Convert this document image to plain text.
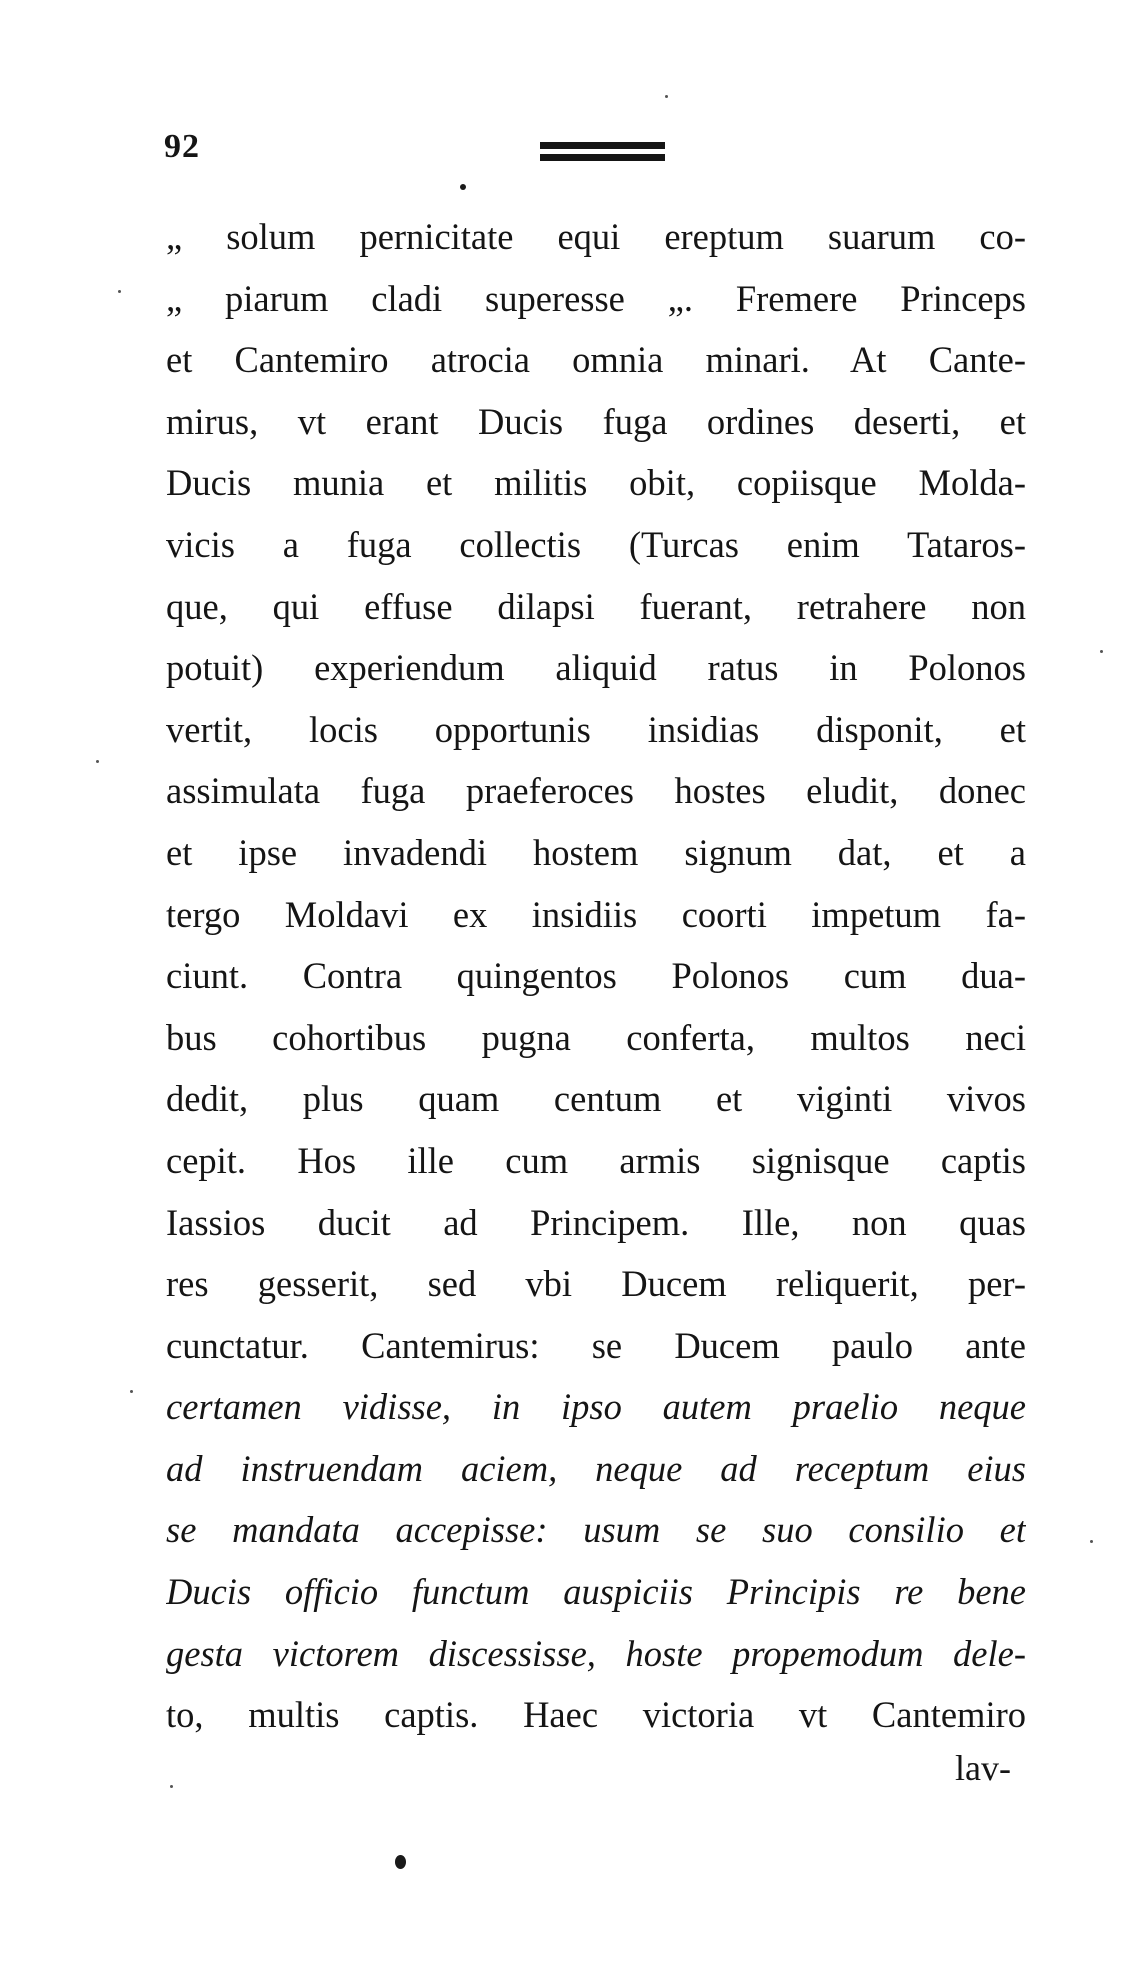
92
„ solum pernicitate equi ereptum suarum co-
„ piarum cladi superesse „. Fremere Princeps
et Cantemiro atrocia omnia minari. At Cante-
mirus, vt erant Ducis fuga ordines deserti, et
Ducis munia et militis obit, copiisque Molda-
vicis a fuga collectis (Turcas enim Tataros-
que, qui effuse dilapsi fuerant, retrahere non
potuit) experiendum aliquid ratus in Polonos
vertit, locis opportunis insidias disponit, et
assimulata fuga praeferoces hostes eludit, donec
et ipse invadendi hostem signum dat, et a
tergo Moldavi ex insidiis coorti impetum fa-
ciunt. Contra quingentos Polonos cum dua-
bus cohortibus pugna conferta, multos neci
dedit, plus quam centum et viginti vivos
cepit. Hos ille cum armis signisque captis
Iassios ducit ad Principem. Ille, non quas
res gesserit, sed vbi Ducem reliquerit, per-
cunctatur. Cantemirus: se Ducem paulo ante
certamen vidisse, in ipso autem praelio neque
ad instruendam aciem, neque ad receptum eius
se mandata accepisse: usum se suo consilio et
Ducis officio functum auspiciis Principis re bene
gesta victorem discessisse, hoste propemodum dele-
to, multis captis. Haec victoria vt Cantemiro
lav-
